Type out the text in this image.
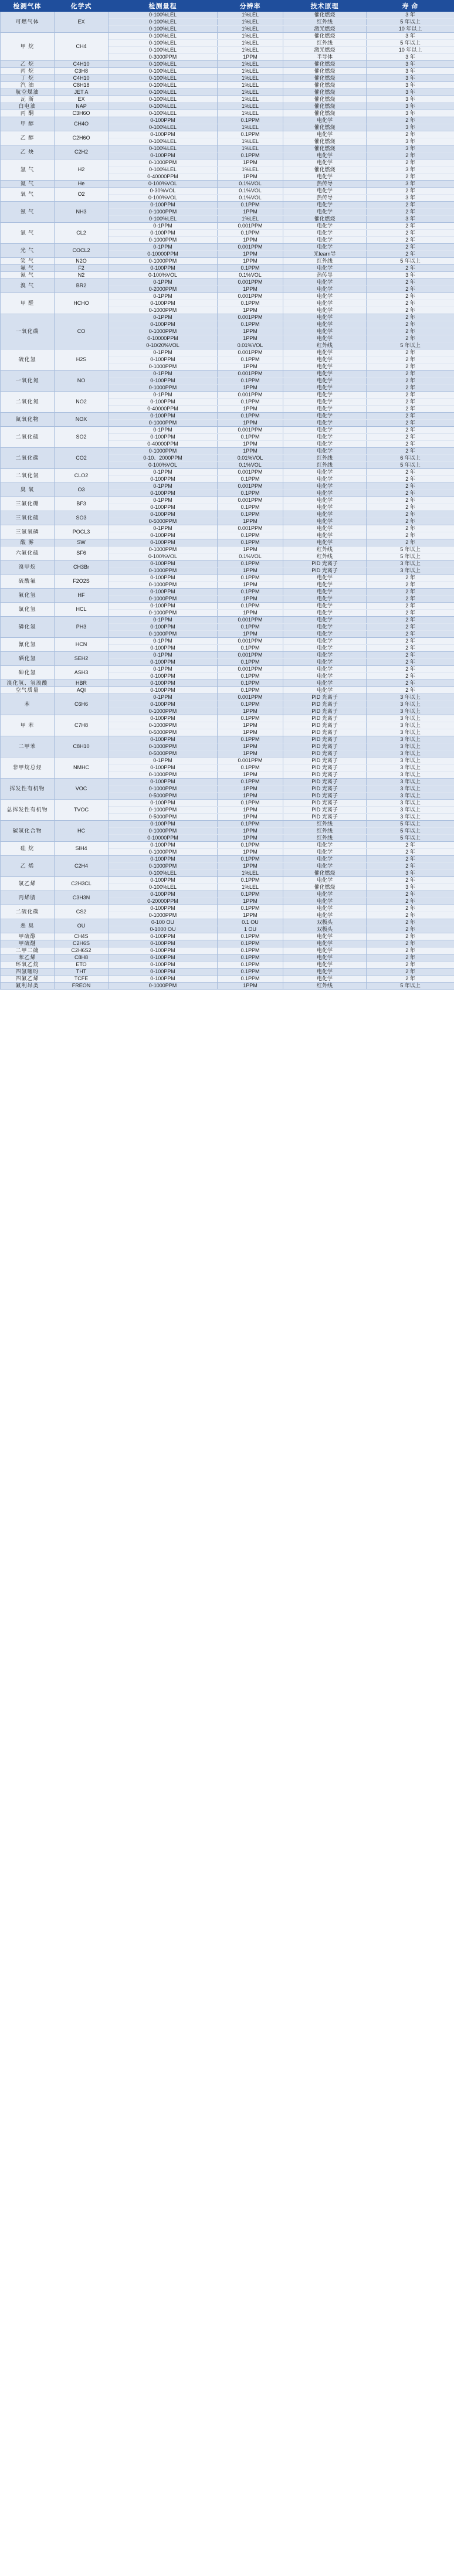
检测气体	化学式	检测量程	分辨率	技术原理	寿 命
可燃气体	EX	0-100%LEL	1%LEL	催化燃烧	3 年
		0-100%LEL	1%LEL	红外线	5 年以上
		0-100%LEL	1%LEL	激光燃烧	10 年以上
甲 烷	CH4	0-100%LEL	1%LEL	催化燃烧	3 年
		0-100%LEL	1%LEL	红外线	5 年以上
		0-100%LEL	1%LEL	激光燃烧	10 年以上
		0-3000PPM	1PPM	半导体	3 年
乙 烷	C4H10	0-100%LEL	1%LEL	催化燃烧	3 年
丙 烷	C3H8	0-100%LEL	1%LEL	催化燃烧	3 年
丁 烷	C4H10	0-100%LEL	1%LEL	催化燃烧	3 年
汽 油	C8H18	0-100%LEL	1%LEL	催化燃烧	3 年
航空煤油	JET A	0-100%LEL	1%LEL	催化燃烧	3 年
瓦 斯	EX	0-100%LEL	1%LEL	催化燃烧	3 年
白电油	NAP	0-100%LEL	1%LEL	催化燃烧	3 年
丙 酮	C3H6O	0-100%LEL	1%LEL	催化燃烧	3 年
甲 醇	CH4O	0-100PPM	0.1PPM	电化学	2 年
		0-100%LEL	1%LEL	催化燃烧	3 年
乙 醇	C2H6O	0-100PPM	0.1PPM	电化学	2 年
		0-100%LEL	1%LEL	催化燃烧	3 年
乙 炔	C2H2	0-100%LEL	1%LEL	催化燃烧	3 年
		0-100PPM	0.1PPM	电化学	2 年
氢 气	H2	0-1000PPM	1PPM	电化学	2 年
		0-100%LEL	1%LEL	催化燃烧	3 年
		0-40000PPM	1PPM	电化学	2 年
氦 气	He	0-100%VOL	0.1%VOL	热传导	3 年
氧 气	O2	0-30%VOL	0.1%VOL	电化学	2 年
		0-100%VOL	0.1%VOL	热传导	3 年
氨 气	NH3	0-100PPM	0.1PPM	电化学	2 年
		0-1000PPM	1PPM	电化学	2 年
		0-100%LEL	1%LEL	催化燃烧	3 年
氯 气	CL2	0-1PPM	0.001PPM	电化学	2 年
		0-100PPM	0.1PPM	电化学	2 年
		0-1000PPM	1PPM	电化学	2 年
光 气	COCL2	0-1PPM	0.001PPM	电化学	2 年
		0-10000PPM	1PPM	光learn导	2 年
笑 气	N2O	0-1000PPM	1PPM	红外线	5 年以上
氟 气	F2	0-100PPM	0.1PPM	电化学	2 年
氮 气	N2	0-100%VOL	0.1%VOL	热传导	3 年
溴 气	BR2	0-1PPM	0.001PPM	电化学	2 年
		0-2000PPM	1PPM	电化学	2 年
甲 醛	HCHO	0-1PPM	0.001PPM	电化学	2 年
		0-100PPM	0.1PPM	电化学	2 年
		0-1000PPM	1PPM	电化学	2 年
一氧化碳	CO	0-1PPM	0.001PPM	电化学	2 年
		0-100PPM	0.1PPM	电化学	2 年
		0-1000PPM	1PPM	电化学	2 年
		0-10000PPM	1PPM	电化学	2 年
		0-10/20%VOL	0.01%VOL	红外线	5 年以上
硫化氢	H2S	0-1PPM	0.001PPM	电化学	2 年
		0-100PPM	0.1PPM	电化学	2 年
		0-1000PPM	1PPM	电化学	2 年
一氧化氮	NO	0-1PPM	0.001PPM	电化学	2 年
		0-100PPM	0.1PPM	电化学	2 年
		0-1000PPM	1PPM	电化学	2 年
二氧化氮	NO2	0-1PPM	0.001PPM	电化学	2 年
		0-100PPM	0.1PPM	电化学	2 年
		0-40000PPM	1PPM	电化学	2 年
氮氧化物	NOX	0-100PPM	0.1PPM	电化学	2 年
		0-1000PPM	1PPM	电化学	2 年
二氧化硫	SO2	0-1PPM	0.001PPM	电化学	2 年
		0-100PPM	0.1PPM	电化学	2 年
		0-40000PPM	1PPM	电化学	2 年
二氧化碳	CO2	0-1000PPM	1PPM	电化学	2 年
		0-10、2000PPM	0.01%VOL	红外线	6 年以上
		0-100%VOL	0.1%VOL	红外线	5 年以上
二氧化氯	CLO2	0-1PPM	0.001PPM	电化学	2 年
		0-100PPM	0.1PPM	电化学	2 年
臭 氧	O3	0-1PPM	0.001PPM	电化学	2 年
		0-100PPM	0.1PPM	电化学	2 年
三氟化硼	BF3	0-1PPM	0.001PPM	电化学	2 年
		0-100PPM	0.1PPM	电化学	2 年
三氧化硫	SO3	0-100PPM	0.1PPM	电化学	2 年
		0-5000PPM	1PPM	电化学	2 年
三氯氧磷	POCL3	0-1PPM	0.001PPM	电化学	2 年
		0-100PPM	0.1PPM	电化学	2 年
酸 雾	SW	0-100PPM	0.1PPM	电化学	2 年
六氟化硫	SF6	0-1000PPM	1PPM	红外线	5 年以上
		0-100%VOL	0.1%VOL	红外线	5 年以上
溴甲烷	CH3Br	0-100PPM	0.1PPM	PID 光离子	3 年以上
		0-1000PPM	1PPM	PID 光离子	3 年以上
硫酰氟	F2O2S	0-100PPM	0.1PPM	电化学	2 年
		0-1000PPM	1PPM	电化学	2 年
氟化氢	HF	0-100PPM	0.1PPM	电化学	2 年
		0-1000PPM	1PPM	电化学	2 年
氯化氢	HCL	0-100PPM	0.1PPM	电化学	2 年
		0-1000PPM	1PPM	电化学	2 年
磷化氢	PH3	0-1PPM	0.001PPM	电化学	2 年
		0-100PPM	0.1PPM	电化学	2 年
		0-1000PPM	1PPM	电化学	2 年
氰化氢	HCN	0-1PPM	0.001PPM	电化学	2 年
		0-100PPM	0.1PPM	电化学	2 年
硒化氢	SEH2	0-1PPM	0.001PPM	电化学	2 年
		0-100PPM	0.1PPM	电化学	2 年
砷化氢	ASH3	0-1PPM	0.001PPM	电化学	2 年
		0-100PPM	0.1PPM	电化学	2 年
溴化氢、氢溴酸	HBR	0-100PPM	0.1PPM	电化学	2 年
空气质量	AQI	0-100PPM	0.1PPM	电化学	2 年
苯	C6H6	0-1PPM	0.001PPM	PID 光离子	3 年以上
		0-100PPM	0.1PPM	PID 光离子	3 年以上
		0-1000PPM	1PPM	PID 光离子	3 年以上
甲 苯	C7H8	0-100PPM	0.1PPM	PID 光离子	3 年以上
		0-1000PPM	1PPM	PID 光离子	3 年以上
		0-5000PPM	1PPM	PID 光离子	3 年以上
二甲苯	C8H10	0-100PPM	0.1PPM	PID 光离子	3 年以上
		0-1000PPM	1PPM	PID 光离子	3 年以上
		0-5000PPM	1PPM	PID 光离子	3 年以上
非甲烷总烃	NMHC	0-1PPM	0.001PPM	PID 光离子	3 年以上
		0-100PPM	0.1PPM	PID 光离子	3 年以上
		0-1000PPM	1PPM	PID 光离子	3 年以上
挥发性有机物	VOC	0-100PPM	0.1PPM	PID 光离子	3 年以上
		0-1000PPM	1PPM	PID 光离子	3 年以上
		0-5000PPM	1PPM	PID 光离子	3 年以上
总挥发性有机物	TVOC	0-100PPM	0.1PPM	PID 光离子	3 年以上
		0-1000PPM	1PPM	PID 光离子	3 年以上
		0-5000PPM	1PPM	PID 光离子	3 年以上
碳氢化合物	HC	0-100PPM	0.1PPM	红外线	5 年以上
		0-1000PPM	1PPM	红外线	5 年以上
		0-10000PPM	1PPM	红外线	5 年以上
硅 烷	SIH4	0-100PPM	0.1PPM	电化学	2 年
		0-1000PPM	1PPM	电化学	2 年
乙 烯	C2H4	0-100PPM	0.1PPM	电化学	2 年
		0-1000PPM	1PPM	电化学	2 年
		0-100%LEL	1%LEL	催化燃烧	3 年
氯乙烯	C2H3CL	0-100PPM	0.1PPM	电化学	2 年
		0-100%LEL	1%LEL	催化燃烧	3 年
丙烯腈	C3H3N	0-100PPM	0.1PPM	电化学	2 年
		0-20000PPM	1PPM	电化学	2 年
二硫化碳	CS2	0-100PPM	0.1PPM	电化学	2 年
		0-1000PPM	1PPM	电化学	2 年
恶 臭	OU	0-100 OU	0.1 OU	双极头	2 年
		0-1000 OU	1 OU	双极头	2 年
甲硫醇	CH4S	0-100PPM	0.1PPM	电化学	2 年
甲硫醚	C2H6S	0-100PPM	0.1PPM	电化学	2 年
二甲二硫	C2H6S2	0-100PPM	0.1PPM	电化学	2 年
苯乙烯	C8H8	0-100PPM	0.1PPM	电化学	2 年
环氧乙烷	ETO	0-100PPM	0.1PPM	电化学	2 年
四氢噻吩	THT	0-100PPM	0.1PPM	电化学	2 年
四氟乙烯	TCFE	0-100PPM	0.1PPM	电化学	2 年
氟利昂类	FREON	0-1000PPM	1PPM	红外线	5 年以上
